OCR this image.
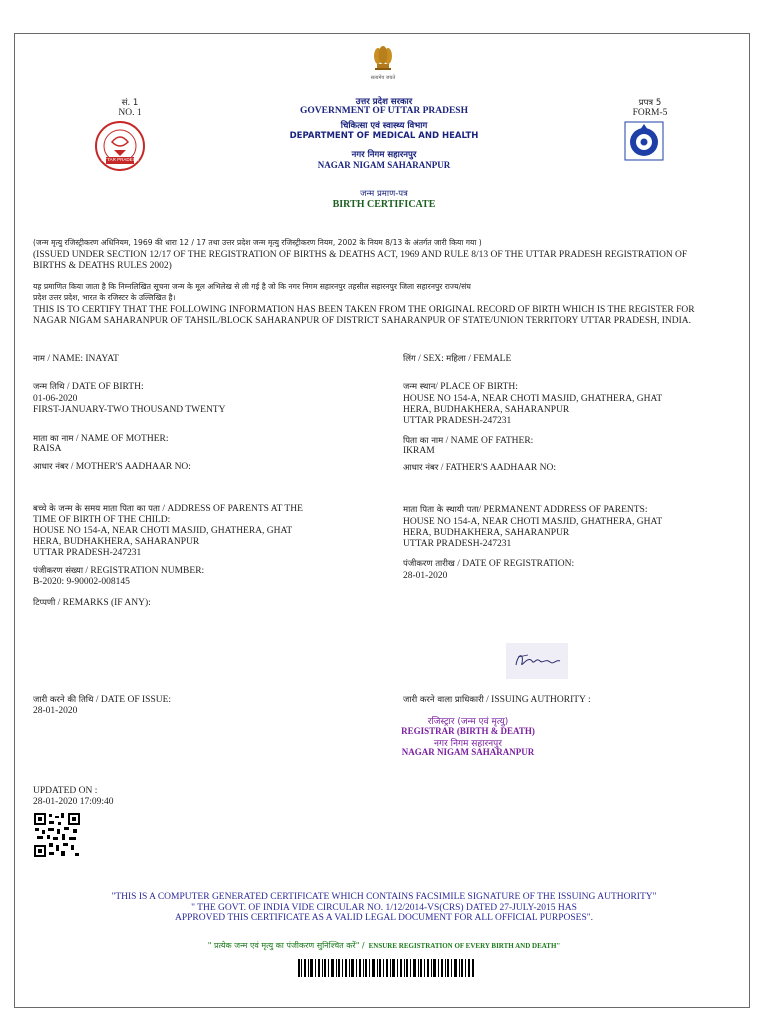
सत्यमेव जयते
सं. 1
NO. 1
UTTAR PRADESH
उत्तर प्रदेश सरकार
GOVERNMENT OF UTTAR PRADESH
चिकित्सा एवं स्वास्थ्य विभाग
DEPARTMENT OF MEDICAL AND HEALTH
नगर निगम सहारनपुर
NAGAR NIGAM SAHARANPUR
प्रपत्र 5
FORM-5
जन्म प्रमाण-पत्र
BIRTH CERTIFICATE
(जन्म मृत्यु रजिस्ट्रीकरण अधिनियम, 1969 की धारा 12 / 17 तथा उत्तर प्रदेश जन्म मृत्यु रजिस्ट्रीकरण नियम, 2002 के नियम 8/13 के अंतर्गत जारी किया गया )
(ISSUED UNDER SECTION 12/17 OF THE REGISTRATION OF BIRTHS & DEATHS ACT, 1969 AND RULE 8/13 OF THE UTTAR PRADESH REGISTRATION OF
BIRTHS & DEATHS RULES 2002)
यह प्रमाणित किया जाता है कि निम्नलिखित सूचना जन्म के मूल अभिलेख से ली गई है जो कि नगर निगम सहारनपुर तहसील सहारनपुर जिला सहारनपुर राज्य/संघ
प्रदेश उत्तर प्रदेश, भारत के रजिस्टर के उल्लिखित है।
THIS IS TO CERTIFY THAT THE FOLLOWING INFORMATION HAS BEEN TAKEN FROM THE ORIGINAL RECORD OF BIRTH WHICH IS THE REGISTER FOR
NAGAR NIGAM SAHARANPUR OF TAHSIL/BLOCK SAHARANPUR OF DISTRICT SAHARANPUR OF STATE/UNION TERRITORY UTTAR PRADESH, INDIA.
नाम / NAME: INAYAT	लिंग / SEX: महिला / FEMALE
जन्म तिथि / DATE OF BIRTH:
01-06-2020
FIRST-JANUARY-TWO THOUSAND TWENTY
जन्म स्थान/ PLACE OF BIRTH:
HOUSE NO 154-A, NEAR CHOTI MASJID, GHATHERA, GHAT
HERA, BUDHAKHERA, SAHARANPUR
UTTAR PRADESH-247231
माता का नाम / NAME OF MOTHER:
RAISA
पिता का नाम / NAME OF FATHER:
IKRAM
आधार नंबर / MOTHER'S AADHAAR NO:	आधार नंबर / FATHER'S AADHAAR NO:
बच्चे के जन्म के समय माता पिता का पता / ADDRESS OF PARENTS AT THE
TIME OF BIRTH OF THE CHILD:
HOUSE NO 154-A, NEAR CHOTI MASJID, GHATHERA, GHAT
HERA, BUDHAKHERA, SAHARANPUR
UTTAR PRADESH-247231
माता पिता के स्थायी पता/ PERMANENT ADDRESS OF PARENTS:
HOUSE NO 154-A, NEAR CHOTI MASJID, GHATHERA, GHAT
HERA, BUDHAKHERA, SAHARANPUR
UTTAR PRADESH-247231
पंजीकरण संख्या / REGISTRATION NUMBER:
B-2020: 9-90002-008145
पंजीकरण तारीख / DATE OF REGISTRATION:
28-01-2020
टिप्पणी / REMARKS (IF ANY):
जारी करने की तिथि / DATE OF ISSUE:
28-01-2020
जारी करने वाला प्राधिकारी / ISSUING AUTHORITY :
रजिस्ट्रार (जन्म एवं मृत्यु)
REGISTRAR (BIRTH & DEATH)
नगर निगम सहारनपुर
NAGAR NIGAM SAHARANPUR
UPDATED ON :
28-01-2020 17:09:40
"THIS IS A COMPUTER GENERATED CERTIFICATE WHICH CONTAINS FACSIMILE SIGNATURE OF THE ISSUING AUTHORITY"
" THE GOVT. OF INDIA VIDE CIRCULAR NO. 1/12/2014-VS(CRS) DATED 27-JULY-2015 HAS
APPROVED THIS CERTIFICATE AS A VALID LEGAL DOCUMENT FOR ALL OFFICIAL PURPOSES".
" प्रत्येक जन्म एवं मृत्यु का पंजीकरण सुनिश्चित करें" / ENSURE REGISTRATION OF EVERY BIRTH AND DEATH"
